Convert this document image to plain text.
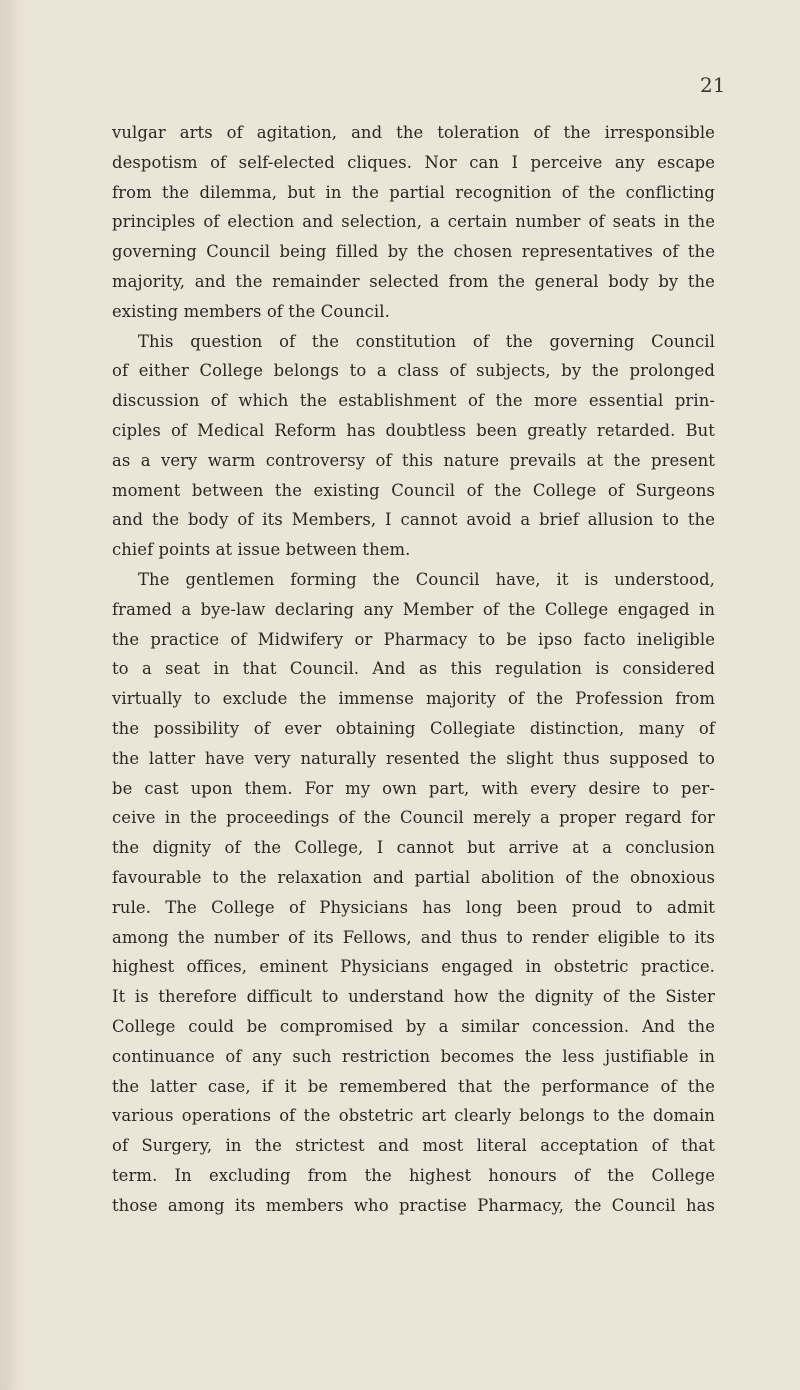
21
vulgar arts of agitation, and the toleration of the irresponsible
despotism of self-elected cliques. Nor can I perceive any escape
from the dilemma, but in the partial recognition of the conflicting
principles of election and selection, a certain number of seats in the
governing Council being filled by the chosen representatives of the
majority, and the remainder selected from the general body by the
existing members of the Council.
This question of the constitution of the governing Council
of either College belongs to a class of subjects, by the prolonged
discussion of which the establishment of the more essential prin-
ciples of Medical Reform has doubtless been greatly retarded. But
as a very warm controversy of this nature prevails at the present
moment between the existing Council of the College of Surgeons
and the body of its Members, I cannot avoid a brief allusion to the
chief points at issue between them.
The gentlemen forming the Council have, it is understood,
framed a bye-law declaring any Member of the College engaged in
the practice of Midwifery or Pharmacy to be ipso facto ineligible
to a seat in that Council. And as this regulation is considered
virtually to exclude the immense majority of the Profession from
the possibility of ever obtaining Collegiate distinction, many of
the latter have very naturally resented the slight thus supposed to
be cast upon them. For my own part, with every desire to per-
ceive in the proceedings of the Council merely a proper regard for
the dignity of the College, I cannot but arrive at a conclusion
favourable to the relaxation and partial abolition of the obnoxious
rule. The College of Physicians has long been proud to admit
among the number of its Fellows, and thus to render eligible to its
highest offices, eminent Physicians engaged in obstetric practice.
It is therefore difficult to understand how the dignity of the Sister
College could be compromised by a similar concession. And the
continuance of any such restriction becomes the less justifiable in
the latter case, if it be remembered that the performance of the
various operations of the obstetric art clearly belongs to the domain
of Surgery, in the strictest and most literal acceptation of that
term. In excluding from the highest honours of the College
those among its members who practise Pharmacy, the Council has
